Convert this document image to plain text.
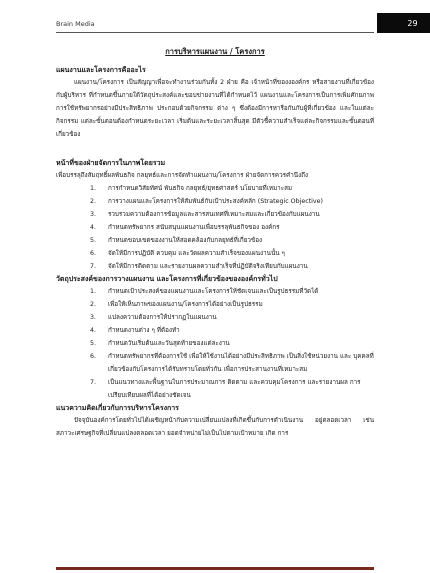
Brain Media	29
การบริหารแผนงาน / โครงการ
แผนงานและโครงการคืออะไร

แผนงาน/โครงการ เป็นสัญญาเพื่อจะทำงานร่วมกันทั้ง 2 ฝ่าย คือ เจ้าหน้าที่ของงองค์กร หรือสายงานที่เกี่ยวข้องกับผู้บริหาร ที่กำหนดขึ้นภายใต้วัตถุประสงค์และขอบข่ายงานที่ได้กำหนดไว้ แผนงานและโครงการเป็นการเพิ่มศักยภาพการใช้ทรัพยากรอย่างมีประสิทธิภาพ ประกอบด้วยกิจกรรม ต่าง ๆ ซึ่งต้องมีการหารือกันกับผู้ที่เกี่ยวข้อง และในแต่ละกิจกรรม แต่ละขั้นตอนต้องกำหนดระยะเวลา เริ่มต้นและระยะเวลาสิ้นสุด มีตัวชี้ความสำเร็จแต่ละกิจกรรมและขั้นตอนที่เกี่ยวข้อง

หน้าที่ของฝ่ายจัดการในภาพโดยรวม

เพื่อบรรลุถึงสัมฤทธิ์ผลพันธกิจ กลยุทธ์และการจัดทำแผนงาน/โครงการ ฝ่ายจัดการควรคำนึงถึง

1.	การกำหนดวิสัยทัศน์ พันธกิจ กลยุทธ์/ยุทธศาสตร์ นโยบายที่เหมาะสม
2.	การวางแผนและโครงการให้สัมพันธ์กับเป้าประสงค์หลัก (Strategic Objective)
3.	รวบรวมความต้องการข้อมูลและสารสนเทศที่เหมาะสมและเกี่ยวข้องกับแผนงาน
4.	กำหนดทรัพยากร สนับสนุนแผนงานเพื่อบรรลุพันธกิจของ องค์กร
5.	กำหนดขอบเขตของงานให้สอดคล้องกับกลยุทธ์ที่เกี่ยวข้อง
6.	จัดให้มีการปฏิบัติ ควบคุม และวัดผลความสำเร็จของแผนงานนั้น ๆ
7.	จัดให้มีการติดตาม และรายงานผลความสำเร็จที่ปฏิบัติจริงเทียบกับแผนงาน
วัตถุประสงค์ของการวางแผนงาน และโครงการที่เกี่ยวข้องขององค์กรทั่วไป
1.	กำหนดเป้าประสงค์ของแผนงานและโครงการให้ชัดเจนและเป็นรูปธรรมที่วัดได้
2.	เพื่อให้เห็นภาพของแผนงาน/โครงการได้อย่างเป็นรูปธรรม
3.	แปลงความต้องการให้ปรากฏในแผนงาน
4.	กำหนดงานต่าง ๆ ที่ต้องทำ
5.	กำหนดวันเริ่มต้นและวันสุดท้ายของแต่ละงาน
6.	กำหนดทรัพยากรที่ต้องการใช้ เพื่อให้ใช้งานได้อย่างมีประสิทธิภาพ เป็นสิ่งใช้หน่วยงาน และ บุคคลที่เกี่ยวข้องกับโครงการได้รับทราบโดยทั่วกัน เพื่อการประสานงานที่เหมาะสม
7.	เป็นแนวทางและพื้นฐานในการประมาณการ ติดตาม และควบคุมโครงการ และรายงานผล การเปรียบเทียบผลที่ได้อย่างชัดเจน
แนวความคิดเกี่ยวกับการบริหารโครงการ

ปัจจุบันองค์การโดยทั่วไปได้เผชิญหน้ากับความเปลี่ยนแปลงที่เกิดขึ้นกับการดำเนินงาน อยู่ตลอดเวลา เช่น สภาวะเศรษฐกิจที่เปลี่ยนแปลงตลอดเวลา ยอดจำหน่ายไม่เป็นไปตามเป้าหมาย เกิด การ
